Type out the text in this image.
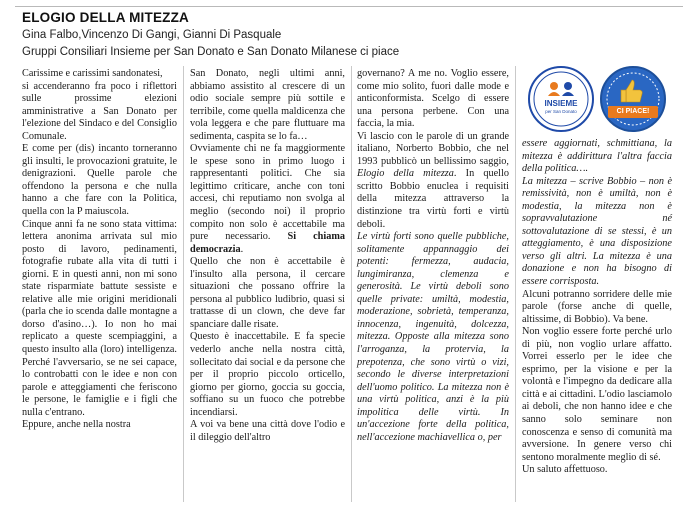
ELOGIO DELLA MITEZZA
Gina Falbo,Vincenzo Di Gangi, Gianni Di Pasquale
Gruppi Consiliari Insieme per San Donato e San Donato Milanese ci piace

Carissime e carissimi sandonatesi,

si accenderanno fra poco i riflettori sulle prossime elezioni amministrative a San Donato per l'elezione del Sindaco e del Consiglio Comunale.

E come per (dis) incanto torneranno gli insulti, le provocazioni gratuite, le denigrazioni. Quelle parole che offendono la persona e che nulla hanno a che fare con la Politica, quella con la P maiuscola.

Cinque anni fa ne sono stata vittima: lettera anonima arrivata sul mio posto di lavoro, pedinamenti, fotografie rubate alla vita di tutti i giorni. E in questi anni, non mi sono state risparmiate battute sessiste e relative alle mie origini meridionali (parla che io scenda dalle montagne a dorso d'asino…). Io non ho mai replicato a queste scempiaggini, a questo insulto alla (loro) intelligenza. Perché l'avversario, se ne sei capace, lo controbatti con le idee e non con parole e atteggiamenti che feriscono le persone, le famiglie e i figli che nulla c'entrano.

Eppure, anche nella nostra

San Donato, negli ultimi anni, abbiamo assistito al crescere di un odio sociale sempre più sottile e terribile, come quella maldicenza che vola leggera e che pare fluttuare ma sedimenta, caspita se lo fa…

Ovviamente chi ne fa maggiormente le spese sono in primo luogo i rappresentanti politici. Che sia legittimo criticare, anche con toni accesi, chi reputiamo non svolga al meglio (secondo noi) il proprio compito non solo è accettabile ma pure necessario. Si chiama democrazia.

Quello che non è accettabile è l'insulto alla persona, il cercare situazioni che possano offrire la persona al pubblico ludibrio, quasi si trattasse di un clown, che deve far spanciare dalle risate.

Questo è inaccettabile. E fa specie vederlo anche nella nostra città, sollecitato dai social e da persone che per il proprio piccolo orticello, giorno per giorno, goccia su goccia, soffiano su un fuoco che potrebbe incendiarsi.

A voi va bene una città dove l'odio e il dileggio dell'altro

governano? A me no. Voglio essere, come mio solito, fuori dalle mode e anticonformista. Scelgo di essere una persona perbene. Con una faccia, la mia.

Vi lascio con le parole di un grande italiano, Norberto Bobbio, che nel 1993 pubblicò un bellissimo saggio, Elogio della mitezza. In quello scritto Bobbio enuclea i requisiti della mitezza attraverso la distinzione tra virtù forti e virtù deboli.

Le virtù forti sono quelle pubbliche, solitamente appannaggio dei potenti: fermezza, audacia, lungimiranza, clemenza e generosità. Le virtù deboli sono quelle private: umiltà, modestia, moderazione, sobrietà, temperanza, innocenza, ingenuità, dolcezza, mitezza. Opposte alla mitezza sono l'arroganza, la protervia, la prepotenza, che sono virtù o vizi, secondo le diverse interpretazioni dell'uomo politico. La mitezza non è una virtù politica, anzi è la più impolitica delle virtù. In un'accezione forte della politica, nell'accezione machiavellica o, per

INSIEME
per San Donato	CI PIACE!

essere aggiornati, schmittiana, la mitezza è addirittura l'altra faccia della politica….

La mitezza – scrive Bobbio – non è remissività, non è umiltà, non è modestia, la mitezza non è sopravvalutazione né sottovalutazione di se stessi, è un atteggiamento, è una disposizione verso gli altri. La mitezza è una donazione e non ha bisogno di essere corrisposta.

Alcuni potranno sorridere delle mie parole (forse anche di quelle, altissime, di Bobbio). Va bene.

Non voglio essere forte perché urlo di più, non voglio urlare affatto. Vorrei esserlo per le idee che esprimo, per la visione e per la volontà e l'impegno da dedicare alla città e ai cittadini. L'odio lasciamolo ai deboli, che non hanno idee e che sanno solo seminare non conoscenza e senso di comunità ma avversione. In genere verso chi sentono moralmente meglio di sé.

Un saluto affettuoso.
